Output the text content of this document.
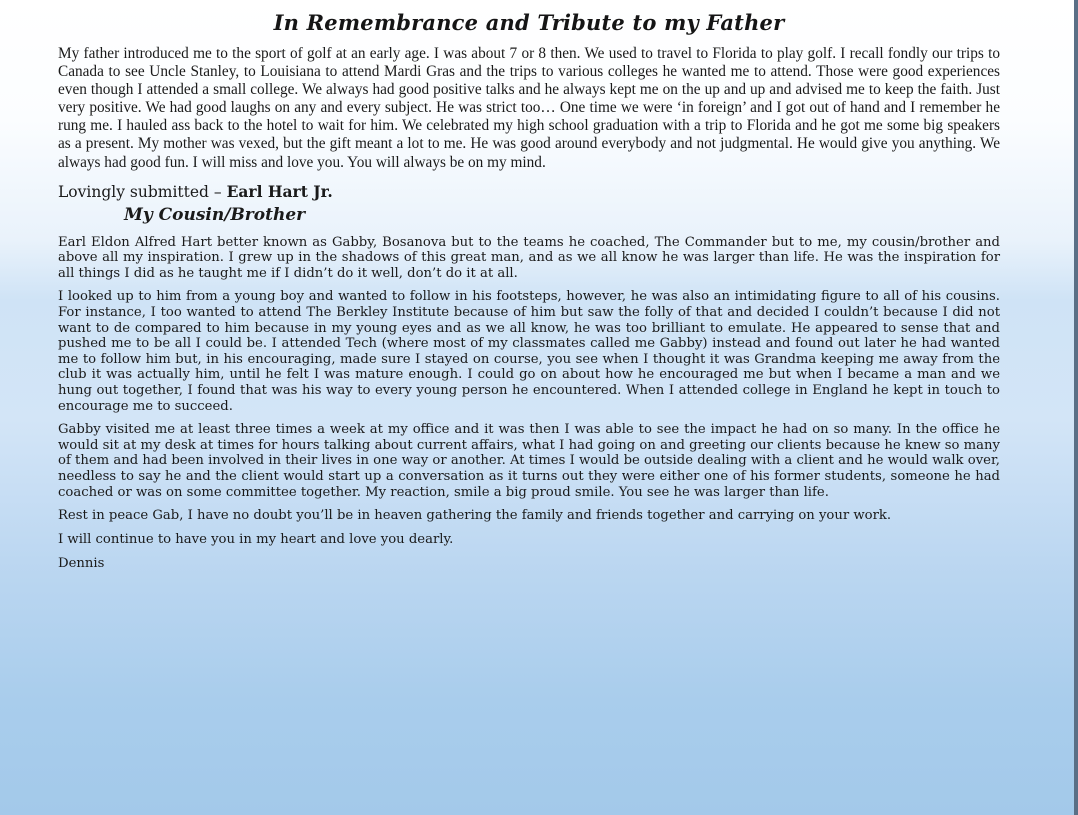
In Remembrance and Tribute to my Father

My father introduced me to the sport of golf at an early age. I was about 7 or 8 then. We used to travel to Florida to play golf. I recall fondly our trips to Canada to see Uncle Stanley, to Louisiana to attend Mardi Gras and the trips to various colleges he wanted me to attend. Those were good experiences even though I attended a small college. We always had good positive talks and he always kept me on the up and up and advised me to keep the faith. Just very positive. We had good laughs on any and every subject. He was strict too… One time we were ‘in foreign’ and I got out of hand and I remember he rung me. I hauled ass back to the hotel to wait for him. We celebrated my high school graduation with a trip to Florida and he got me some big speakers as a present. My mother was vexed, but the gift meant a lot to me. He was good around everybody and not judgmental. He would give you anything. We always had good fun. I will miss and love you. You will always be on my mind.

Lovingly submitted – Earl Hart Jr.
My Cousin/Brother

Earl Eldon Alfred Hart better known as Gabby, Bosanova but to the teams he coached, The Commander but to me, my cousin/brother and above all my inspiration. I grew up in the shadows of this great man, and as we all know he was larger than life. He was the inspiration for all things I did as he taught me if I didn’t do it well, don’t do it at all.

I looked up to him from a young boy and wanted to follow in his footsteps, however, he was also an intimidating figure to all of his cousins. For instance, I too wanted to attend The Berkley Institute because of him but saw the folly of that and decided I couldn’t because I did not want to de compared to him because in my young eyes and as we all know, he was too brilliant to emulate. He appeared to sense that and pushed me to be all I could be. I attended Tech (where most of my classmates called me Gabby) instead and found out later he had wanted me to follow him but, in his encouraging, made sure I stayed on course, you see when I thought it was Grandma keeping me away from the club it was actually him, until he felt I was mature enough. I could go on about how he encouraged me but when I became a man and we hung out together, I found that was his way to every young person he encountered. When I attended college in England he kept in touch to encourage me to succeed.

Gabby visited me at least three times a week at my office and it was then I was able to see the impact he had on so many. In the office he would sit at my desk at times for hours talking about current affairs, what I had going on and greeting our clients because he knew so many of them and had been involved in their lives in one way or another. At times I would be outside dealing with a client and he would walk over, needless to say he and the client would start up a conversation as it turns out they were either one of his former students, someone he had coached or was on some committee together. My reaction, smile a big proud smile. You see he was larger than life.

Rest in peace Gab, I have no doubt you’ll be in heaven gathering the family and friends together and carrying on your work.

I will continue to have you in my heart and love you dearly.

Dennis
